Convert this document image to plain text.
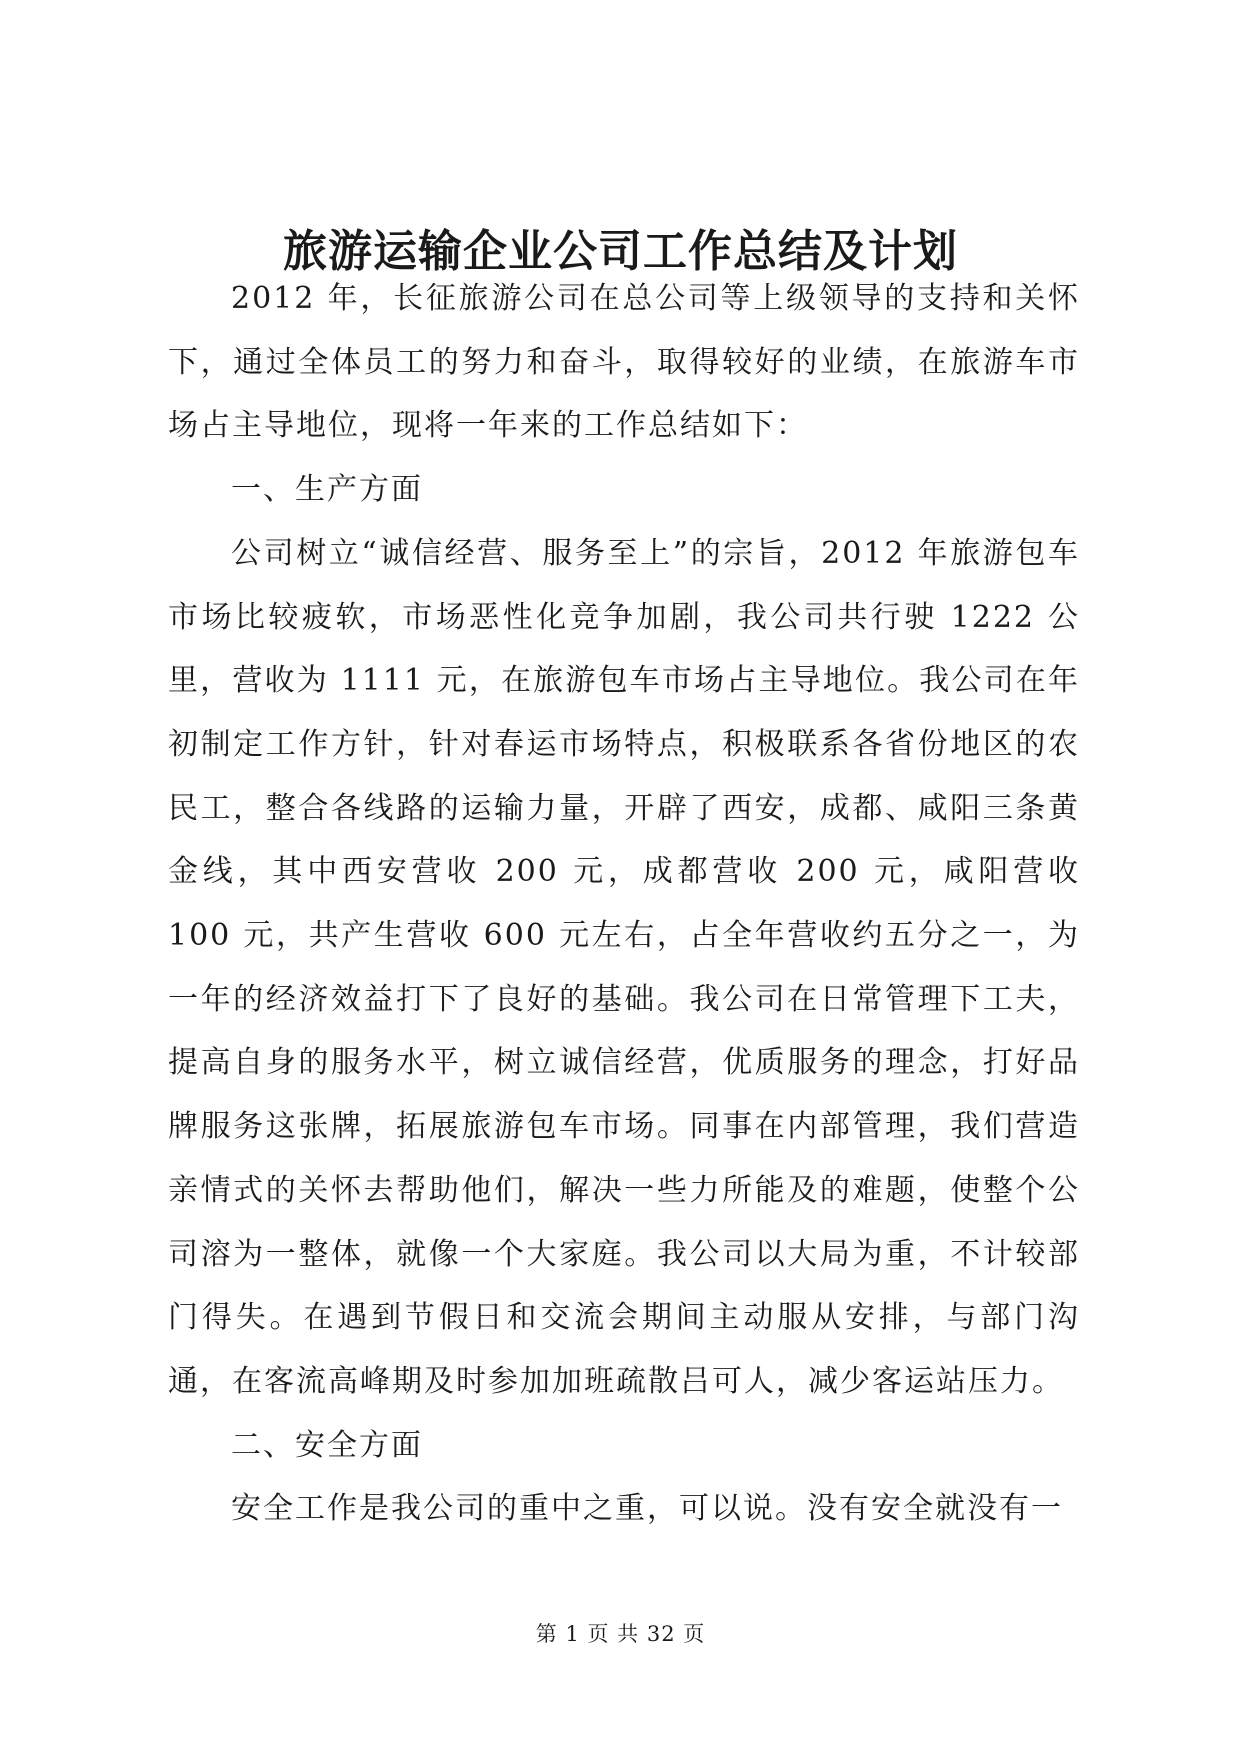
旅游运输企业公司工作总结及计划

2012 年，长征旅游公司在总公司等上级领导的支持和关怀下，通过全体员工的努力和奋斗，取得较好的业绩，在旅游车市场占主导地位，现将一年来的工作总结如下：

一、生产方面

公司树立“诚信经营、服务至上”的宗旨，2012 年旅游包车市场比较疲软，市场恶性化竞争加剧，我公司共行驶 1222 公里，营收为 1111 元，在旅游包车市场占主导地位。我公司在年初制定工作方针，针对春运市场特点，积极联系各省份地区的农民工，整合各线路的运输力量，开辟了西安，成都、咸阳三条黄金线，其中西安营收 200 元，成都营收 200 元，咸阳营收 100 元，共产生营收 600 元左右，占全年营收约五分之一，为一年的经济效益打下了良好的基础。我公司在日常管理下工夫，提高自身的服务水平，树立诚信经营，优质服务的理念，打好品牌服务这张牌，拓展旅游包车市场。同事在内部管理，我们营造亲情式的关怀去帮助他们，解决一些力所能及的难题，使整个公司溶为一整体，就像一个大家庭。我公司以大局为重，不计较部门得失。在遇到节假日和交流会期间主动服从安排，与部门沟通，在客流高峰期及时参加加班疏散吕可人，减少客运站压力。

二、安全方面

安全工作是我公司的重中之重，可以说。没有安全就没有一

第 1 页 共 32 页
